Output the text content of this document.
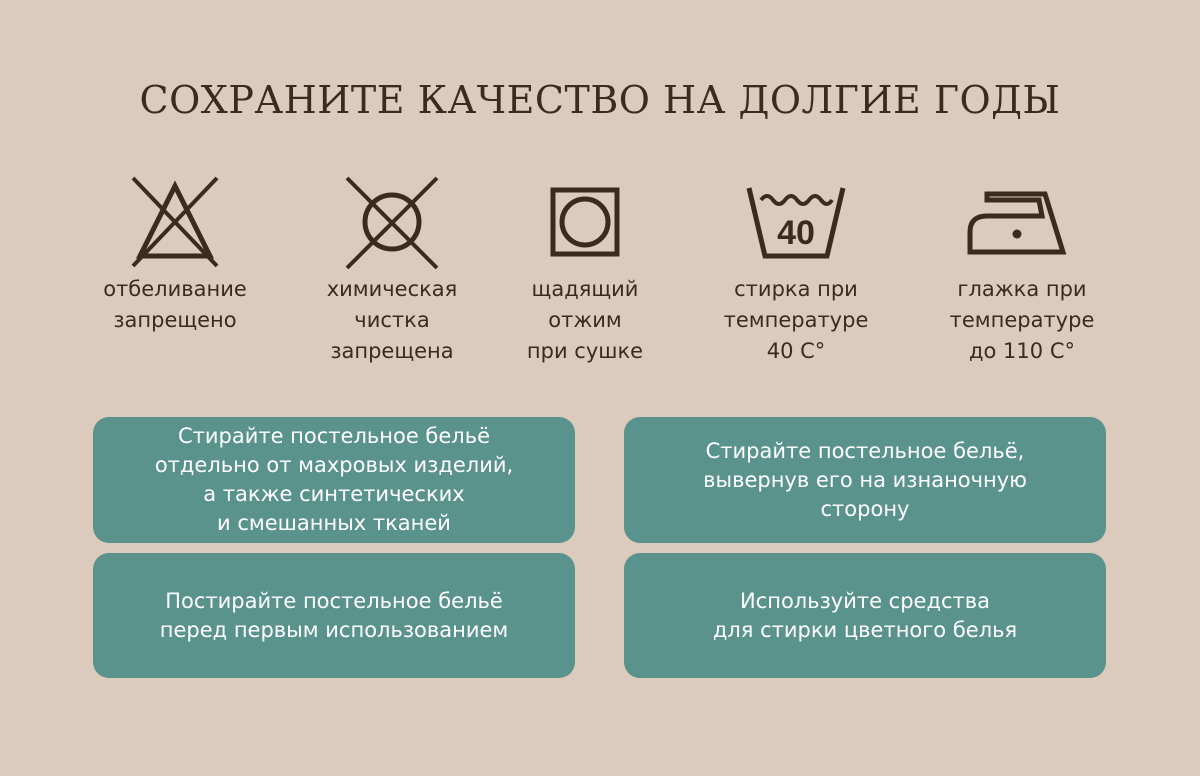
СОХРАНИТЕ КАЧЕСТВО НА ДОЛГИЕ ГОДЫ
отбеливание
запрещено
химическая
чистка
запрещена
щадящий
отжим
при сушке
40
стирка при
температуре
40 С°
глажка при
температуре
до 110 С°
Стирайте постельное бельё
отдельно от махровых изделий,
а также синтетических
и смешанных тканей
Стирайте постельное бельё,
вывернув его на изнаночную
сторону
Постирайте постельное бельё
перед первым использованием
Используйте средства
для стирки цветного белья
